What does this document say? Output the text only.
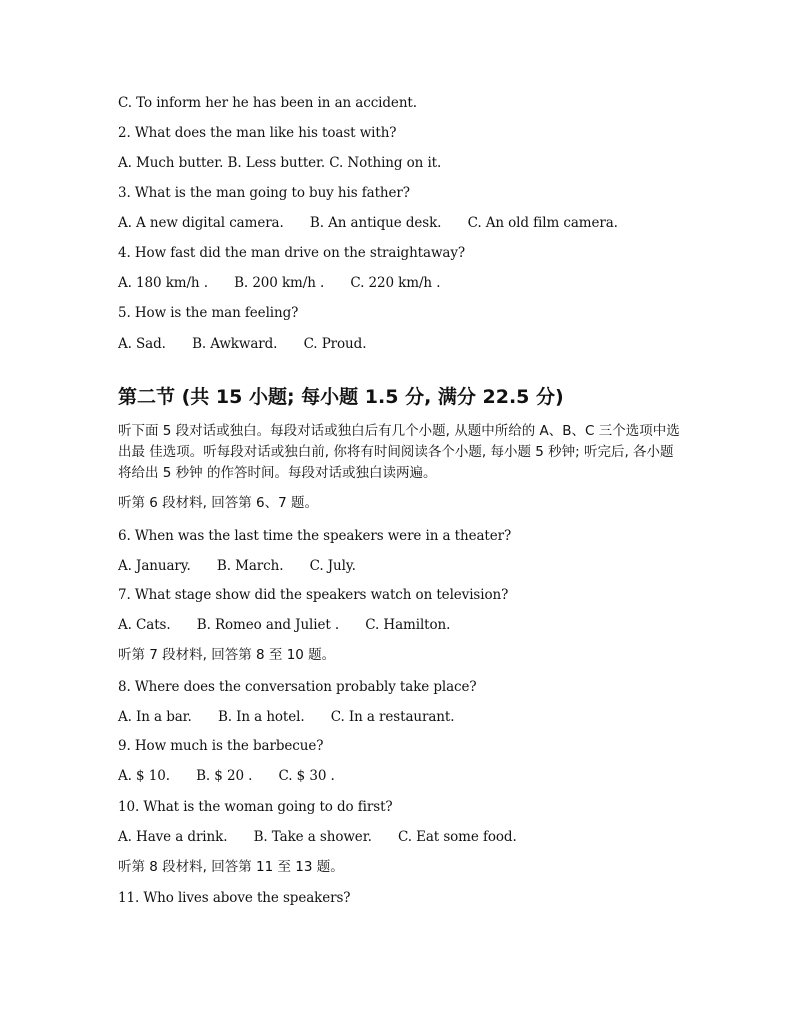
C. To inform her he has been in an accident.
2. What does the man like his toast with?
A. Much butter. B. Less butter. C. Nothing on it.
3. What is the man going to buy his father?
A. A new digital camera. B. An antique desk. C. An old film camera.
4. How fast did the man drive on the straightaway?
A. 180 km/h . B. 200 km/h . C. 220 km/h .
5. How is the man feeling?
A. Sad. B. Awkward. C. Proud.
第二节 (共 15 小题; 每小题 1.5 分, 满分 22.5 分)
听下面 5 段对话或独白。每段对话或独白后有几个小题, 从题中所给的 A、B、C 三个选项中选出最 佳选项。听每段对话或独白前, 你将有时间阅读各个小题, 每小题 5 秒钟; 听完后, 各小题将给出 5 秒钟 的作答时间。每段对话或独白读两遍。
听第 6 段材料, 回答第 6、7 题。
6. When was the last time the speakers were in a theater?
A. January. B. March. C. July.
7. What stage show did the speakers watch on television?
A. Cats. B. Romeo and Juliet . C. Hamilton.
听第 7 段材料, 回答第 8 至 10 题。
8. Where does the conversation probably take place?
A. In a bar. B. In a hotel. C. In a restaurant.
9. How much is the barbecue?
A. $ 10. B. $ 20 . C. $ 30 .
10. What is the woman going to do first?
A. Have a drink. B. Take a shower. C. Eat some food.
听第 8 段材料, 回答第 11 至 13 题。
11. Who lives above the speakers?
